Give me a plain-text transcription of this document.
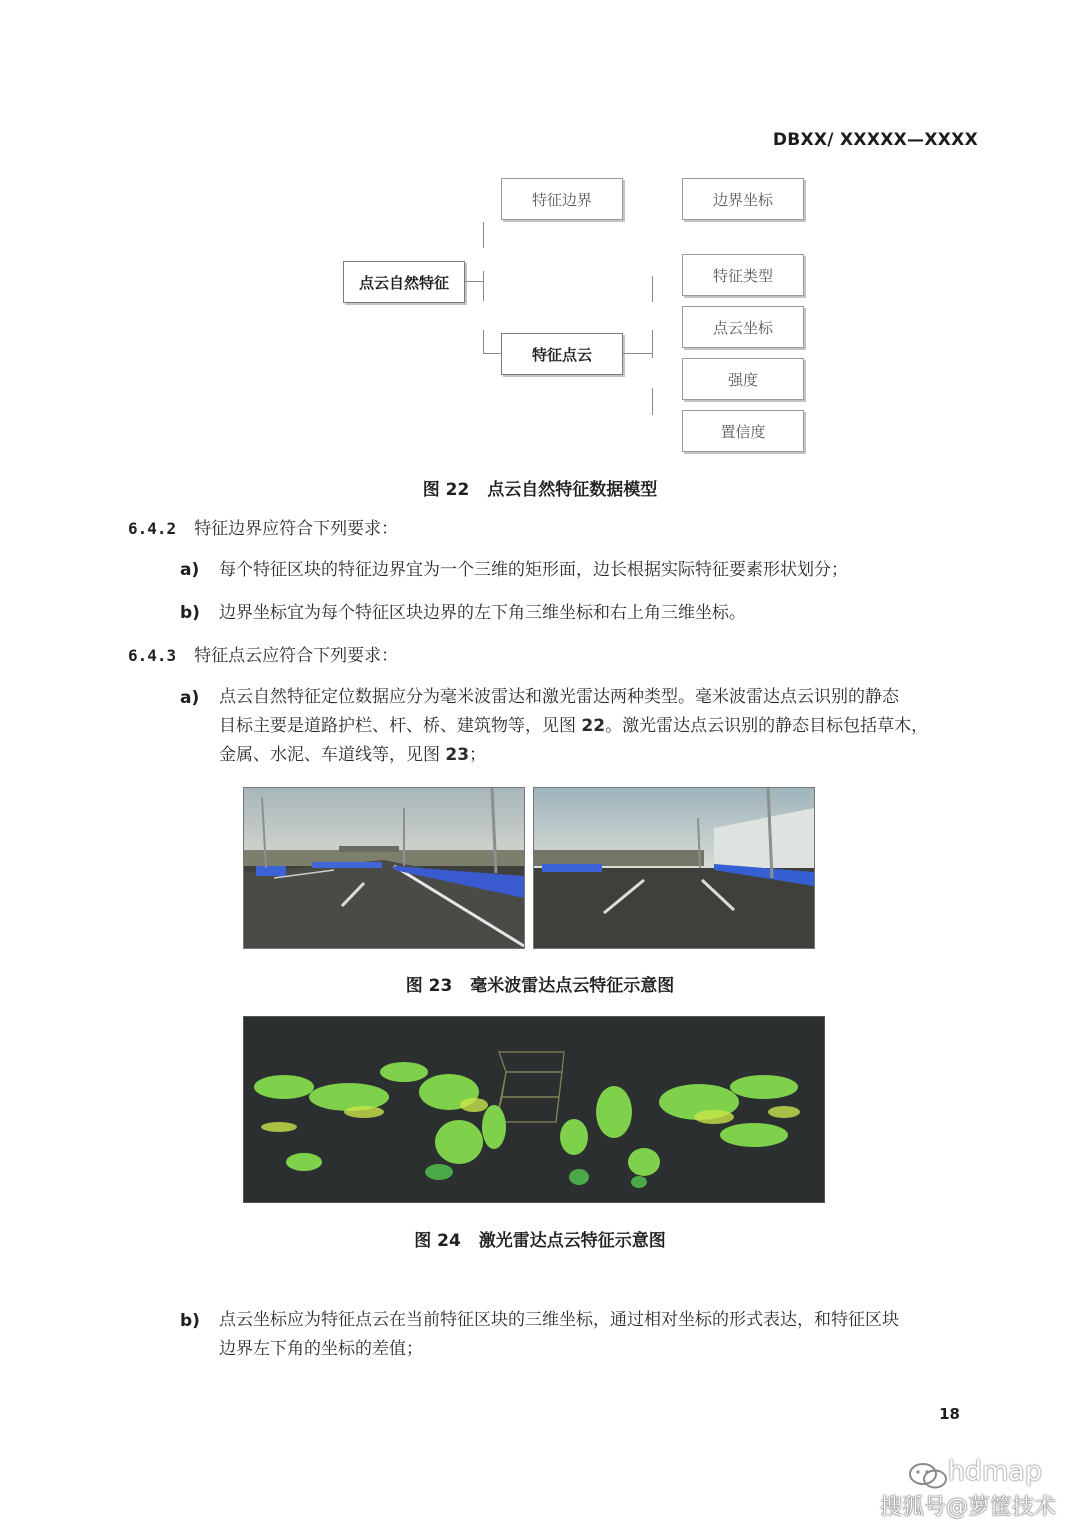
DBXX/ XXXXX—XXXX
点云自然特征
特征边界
特征点云
边界坐标
特征类型
点云坐标
强度
置信度
图 22 点云自然特征数据模型
6.4.2 特征边界应符合下列要求：
a) 每个特征区块的特征边界宜为一个三维的矩形面，边长根据实际特征要素形状划分；
b) 边界坐标宜为每个特征区块边界的左下角三维坐标和右上角三维坐标。
6.4.3 特征点云应符合下列要求：
a) 点云自然特征定位数据应分为毫米波雷达和激光雷达两种类型。毫米波雷达点云识别的静态
目标主要是道路护栏、杆、桥、建筑物等，见图 22。激光雷达点云识别的静态目标包括草木，
金属、水泥、车道线等，见图 23；
图 23 毫米波雷达点云特征示意图
图 24 激光雷达点云特征示意图
b) 点云坐标应为特征点云在当前特征区块的三维坐标，通过相对坐标的形式表达，和特征区块
边界左下角的坐标的差值；
18
hdmap
搜狐号@萝筐技术
